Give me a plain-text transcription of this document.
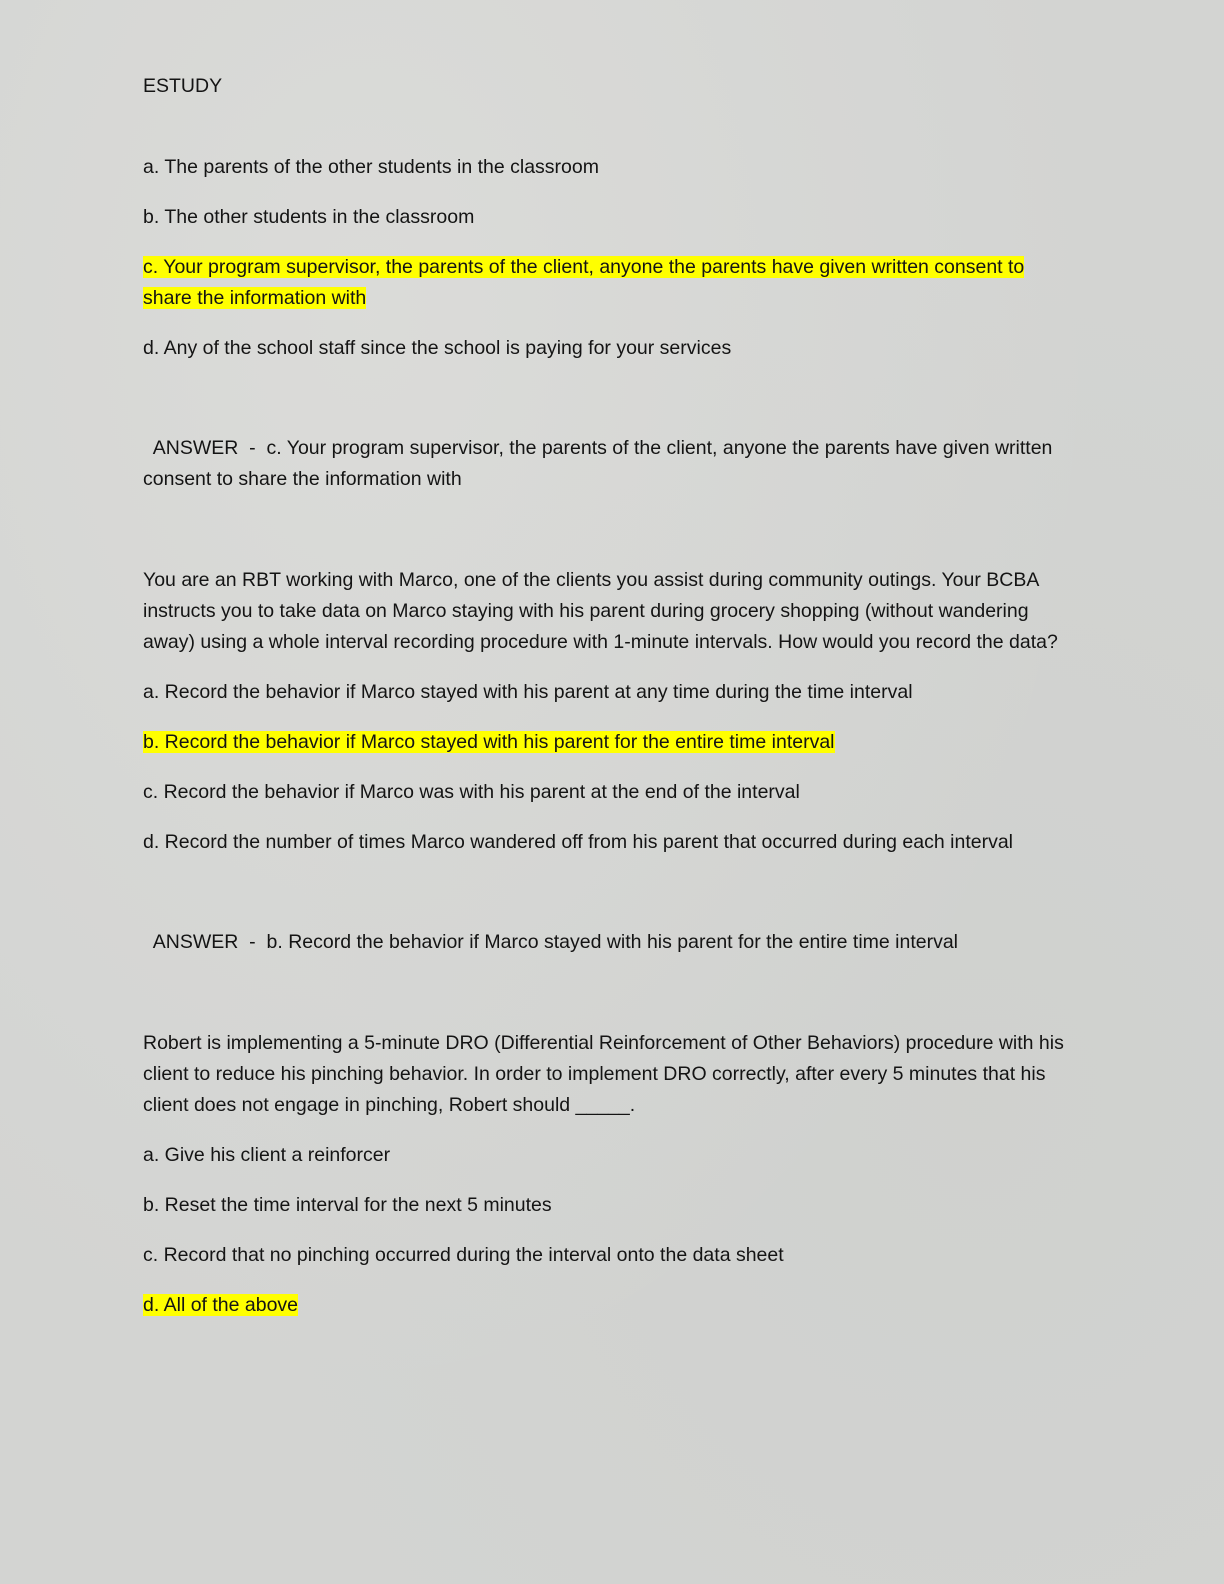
ESTUDY

a. The parents of the other students in the classroom

b. The other students in the classroom

c. Your program supervisor, the parents of the client, anyone the parents have given written consent to share the information with

d. Any of the school staff since the school is paying for your services

ANSWER  -  c. Your program supervisor, the parents of the client, anyone the parents have given written consent to share the information with

You are an RBT working with Marco, one of the clients you assist during community outings. Your BCBA instructs you to take data on Marco staying with his parent during grocery shopping (without wandering away) using a whole interval recording procedure with 1-minute intervals. How would you record the data?

a. Record the behavior if Marco stayed with his parent at any time during the time interval

b. Record the behavior if Marco stayed with his parent for the entire time interval

c. Record the behavior if Marco was with his parent at the end of the interval

d. Record the number of times Marco wandered off from his parent that occurred during each interval

ANSWER  -  b. Record the behavior if Marco stayed with his parent for the entire time interval

Robert is implementing a 5-minute DRO (Differential Reinforcement of Other Behaviors) procedure with his client to reduce his pinching behavior. In order to implement DRO correctly, after every 5 minutes that his client does not engage in pinching, Robert should _____.

a. Give his client a reinforcer

b. Reset the time interval for the next 5 minutes

c. Record that no pinching occurred during the interval onto the data sheet

d. All of the above
